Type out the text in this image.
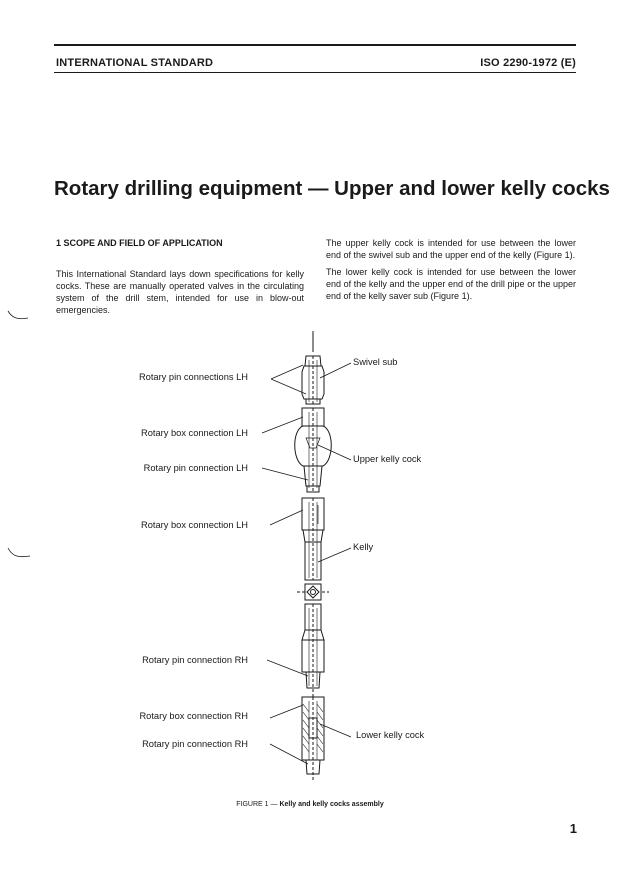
INTERNATIONAL STANDARD	ISO 2290-1972 (E)
Rotary drilling equipment — Upper and lower kelly cocks
1 SCOPE AND FIELD OF APPLICATION
This International Standard lays down specifications for kelly cocks. These are manually operated valves in the circulating system of the drill stem, intended for use in blow-out emergencies.

The upper kelly cock is intended for use between the lower end of the swivel sub and the upper end of the kelly (Figure 1).

The lower kelly cock is intended for use between the lower end of the kelly and the upper end of the drill pipe or the upper end of the kelly saver sub (Figure 1).

Rotary pin connections LH
Rotary box connection LH
Rotary pin connection LH
Rotary box connection LH
Rotary pin connection RH
Rotary box connection RH
Rotary pin connection RH
Swivel sub
Upper kelly cock
Kelly
Lower kelly cock
FIGURE 1 — Kelly and kelly cocks assembly
1
